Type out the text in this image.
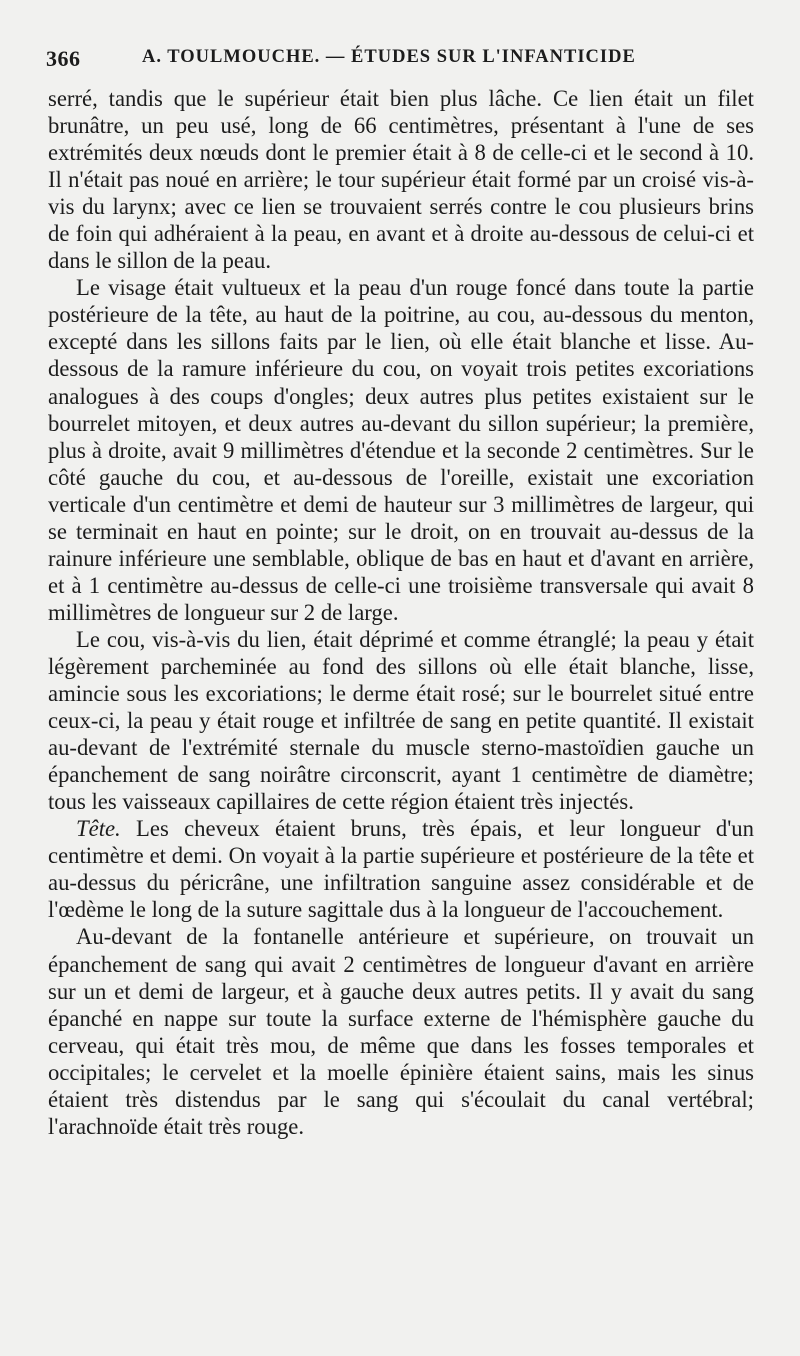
366	A. TOULMOUCHE. — ÉTUDES SUR L'INFANTICIDE

serré, tandis que le supérieur était bien plus lâche. Ce lien était un filet brunâtre, un peu usé, long de 66 centimètres, présentant à l'une de ses extrémités deux nœuds dont le premier était à 8 de celle-ci et le second à 10. Il n'était pas noué en arrière; le tour supérieur était formé par un croisé vis-à-vis du larynx; avec ce lien se trouvaient serrés contre le cou plusieurs brins de foin qui adhéraient à la peau, en avant et à droite au-dessous de celui-ci et dans le sillon de la peau.

Le visage était vultueux et la peau d'un rouge foncé dans toute la partie postérieure de la tête, au haut de la poitrine, au cou, au-dessous du menton, excepté dans les sillons faits par le lien, où elle était blanche et lisse. Au-dessous de la ramure inférieure du cou, on voyait trois petites excoriations analogues à des coups d'ongles; deux autres plus petites existaient sur le bourrelet mitoyen, et deux autres au-devant du sillon supérieur; la première, plus à droite, avait 9 millimètres d'étendue et la seconde 2 centimètres. Sur le côté gauche du cou, et au-dessous de l'oreille, existait une excoriation verticale d'un centimètre et demi de hauteur sur 3 millimètres de largeur, qui se terminait en haut en pointe; sur le droit, on en trouvait au-dessus de la rainure inférieure une semblable, oblique de bas en haut et d'avant en arrière, et à 1 centimètre au-dessus de celle-ci une troisième transversale qui avait 8 millimètres de longueur sur 2 de large.

Le cou, vis-à-vis du lien, était déprimé et comme étranglé; la peau y était légèrement parcheminée au fond des sillons où elle était blanche, lisse, amincie sous les excoriations; le derme était rosé; sur le bourrelet situé entre ceux-ci, la peau y était rouge et infiltrée de sang en petite quantité. Il existait au-devant de l'extrémité sternale du muscle sterno-mastoïdien gauche un épanchement de sang noirâtre circonscrit, ayant 1 centimètre de diamètre; tous les vaisseaux capillaires de cette région étaient très injectés.

Tête. Les cheveux étaient bruns, très épais, et leur longueur d'un centimètre et demi. On voyait à la partie supérieure et postérieure de la tête et au-dessus du péricrâne, une infiltration sanguine assez considérable et de l'œdème le long de la suture sagittale dus à la longueur de l'accouchement.

Au-devant de la fontanelle antérieure et supérieure, on trouvait un épanchement de sang qui avait 2 centimètres de longueur d'avant en arrière sur un et demi de largeur, et à gauche deux autres petits. Il y avait du sang épanché en nappe sur toute la surface externe de l'hémisphère gauche du cerveau, qui était très mou, de même que dans les fosses temporales et occipitales; le cervelet et la moelle épinière étaient sains, mais les sinus étaient très distendus par le sang qui s'écoulait du canal vertébral; l'arachnoïde était très rouge.
